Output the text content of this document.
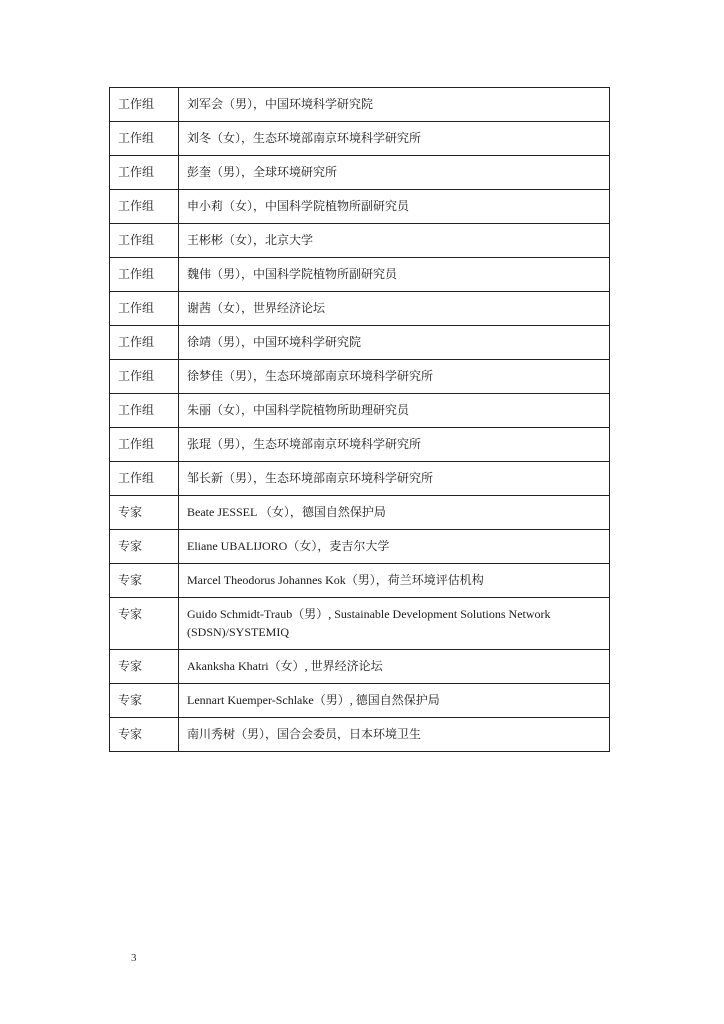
工作组	刘军会（男），中国环境科学研究院
工作组	刘冬（女），生态环境部南京环境科学研究所
工作组	彭奎（男），全球环境研究所
工作组	申小莉（女），中国科学院植物所副研究员
工作组	王彬彬（女），北京大学
工作组	魏伟（男），中国科学院植物所副研究员
工作组	谢茜（女），世界经济论坛
工作组	徐靖（男），中国环境科学研究院
工作组	徐梦佳（男），生态环境部南京环境科学研究所
工作组	朱丽（女），中国科学院植物所助理研究员
工作组	张琨（男），生态环境部南京环境科学研究所
工作组	邹长新（男），生态环境部南京环境科学研究所
专家	Beate JESSEL （女），德国自然保护局
专家	Eliane UBALIJORO（女），麦吉尔大学
专家	Marcel Theodorus Johannes Kok（男），荷兰环境评估机构
专家	Guido Schmidt-Traub（男）, Sustainable Development Solutions Network (SDSN)/SYSTEMIQ
专家	Akanksha Khatri（女）, 世界经济论坛
专家	Lennart Kuemper-Schlake（男）, 德国自然保护局
专家	南川秀树（男），国合会委员，日本环境卫生
3
